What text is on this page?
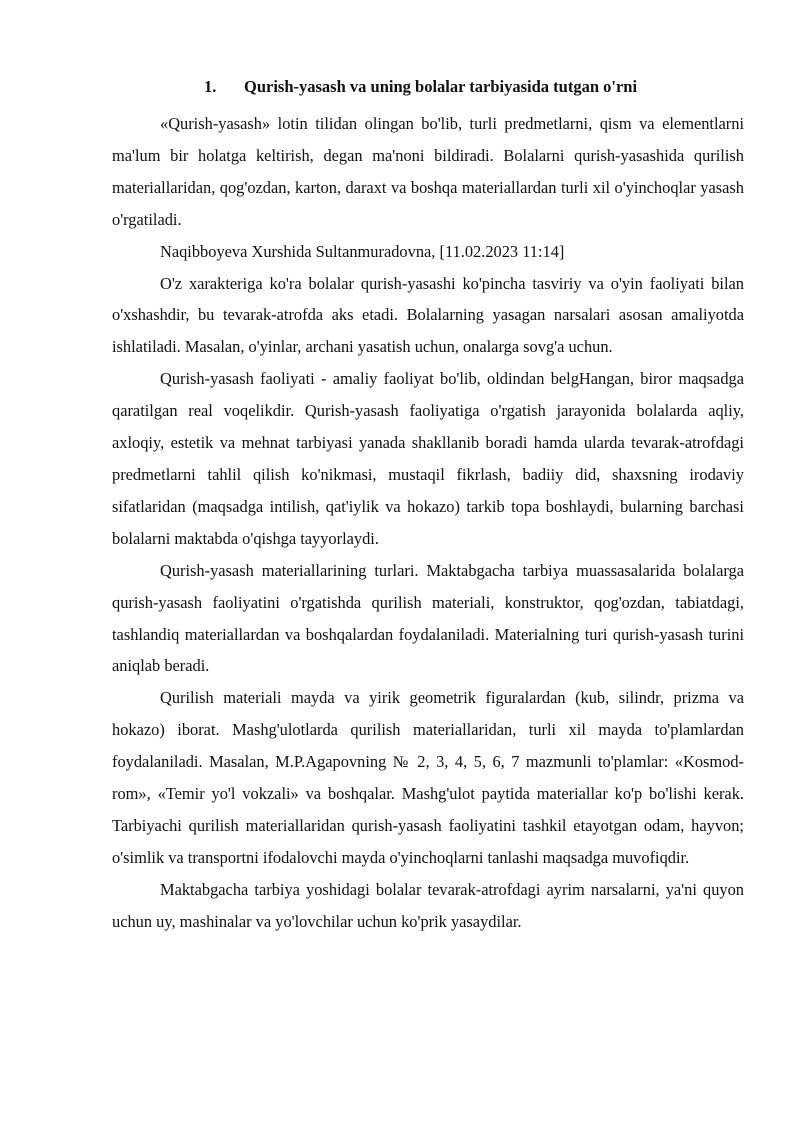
1. Qurish-yasash va uning bolalar tarbiyasida tutgan o'rni

«Qurish-yasash» lotin tilidan olingan bo'lib, turli predmetlarni, qism va elementlarni ma'lum bir holatga keltirish, degan ma'noni bildiradi. Bolalarni qurish-yasashida qurilish materiallaridan, qog'ozdan, karton, daraxt va boshqa materiallardan turli xil o'yinchoqlar yasash o'rgatiladi.

Naqibboyeva Xurshida Sultanmuradovna, [11.02.2023 11:14]

O'z xarakteriga ko'ra bolalar qurish-yasashi ko'pincha tasviriy va o'yin faoliyati bilan o'xshashdir, bu tevarak-atrofda aks etadi. Bolalarning yasagan narsalari asosan amaliyotda ishlatiladi. Masalan, o'yinlar, archani yasatish uchun, onalarga sovg'a uchun.

Qurish-yasash faoliyati - amaliy faoliyat bo'lib, oldindan belgHangan, biror maqsadga qaratilgan real voqelikdir. Qurish-yasash faoliyatiga o'rgatish jarayonida bolalarda aqliy, axloqiy, estetik va mehnat tarbiyasi yanada shakllanib boradi hamda ularda tevarak-atrofdagi predmetlarni tahlil qilish ko'nikmasi, mustaqil fikrlash, badiiy did, shaxsning irodaviy sifatlaridan (maqsadga intilish, qat'iylik va hokazo) tarkib topa boshlaydi, bularning barchasi bolalarni maktabda o'qishga tayyorlaydi.

Qurish-yasash materiallarining turlari. Maktabgacha tarbiya muassasalarida bolalarga qurish-yasash faoliyatini o'rgatishda qurilish materiali, konstruktor, qog'ozdan, tabiatdagi, tashlandiq materiallardan va boshqalardan foydalaniladi. Materialning turi qurish-yasash turini aniqlab beradi.

Qurilish materiali mayda va yirik geometrik figuralardan (kub, silindr, prizma va hokazo) iborat. Mashg'ulotlarda qurilish materiallaridan, turli xil mayda to'plamlardan foydalaniladi. Masalan, M.P.Agapovning № 2, 3, 4, 5, 6, 7 mazmunli to'plamlar: «Kosmod-rom», «Temir yo'l vokzali» va boshqalar. Mashg'ulot paytida materiallar ko'p bo'lishi kerak. Tarbiyachi qurilish materiallaridan qurish-yasash faoliyatini tashkil etayotgan odam, hayvon; o'simlik va transportni ifodalovchi mayda o'yinchoqlarni tanlashi maqsadga muvofiqdir.

Maktabgacha tarbiya yoshidagi bolalar tevarak-atrofdagi ayrim narsalarni, ya'ni quyon uchun uy, mashinalar va yo'lovchilar uchun ko'prik yasaydilar.
